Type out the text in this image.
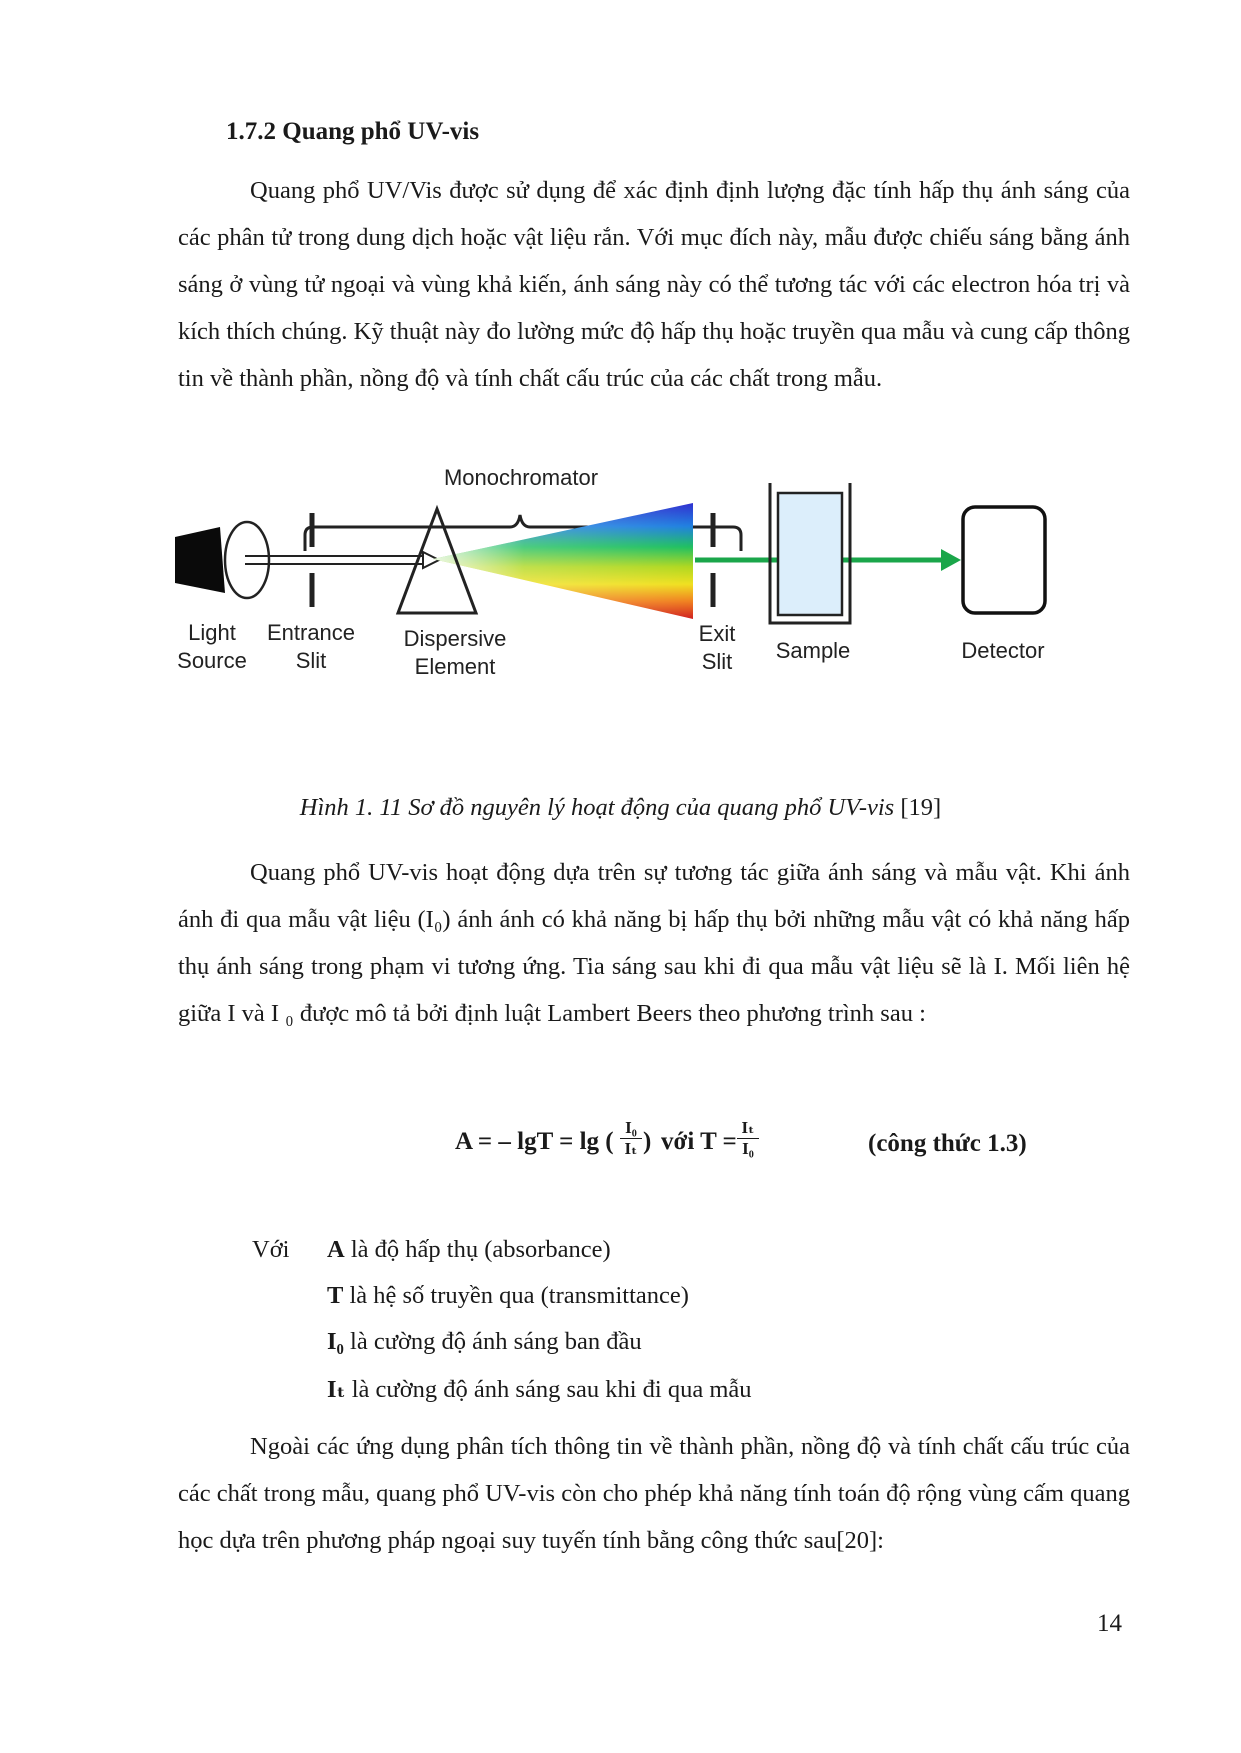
1.7.2 Quang phổ UV-vis

Quang phổ UV/Vis được sử dụng để xác định định lượng đặc tính hấp thụ ánh sáng của các phân tử trong dung dịch hoặc vật liệu rắn. Với mục đích này, mẫu được chiếu sáng bằng ánh sáng ở vùng tử ngoại và vùng khả kiến, ánh sáng này có thể tương tác với các electron hóa trị và kích thích chúng. Kỹ thuật này đo lường mức độ hấp thụ hoặc truyền qua mẫu và cung cấp thông tin về thành phần, nồng độ và tính chất cấu trúc của các chất trong mẫu.

Monochromator
Light
Source
Entrance
Slit
Dispersive
Element
Exit
Slit Sample	Detector
Hình 1. 11 Sơ đồ nguyên lý hoạt động của quang phổ UV-vis [19]

Quang phổ UV-vis hoạt động dựa trên sự tương tác giữa ánh sáng và mẫu vật. Khi ánh ánh đi qua mẫu vật liệu (I₀) ánh ánh có khả năng bị hấp thụ bởi những mẫu vật có khả năng hấp thụ ánh sáng trong phạm vi tương ứng. Tia sáng sau khi đi qua mẫu vật liệu sẽ là I. Mối liên hệ giữa I và I ₀ được mô tả bởi định luật Lambert Beers theo phương trình sau :

A = – lgT = lg ( $\frac{\text{I₀}}{\text{Iₜ}}$ ) với $T = \frac{\text{Iₜ}}{\text{I₀}}$	(công thức 1.3)
Với A là độ hấp thụ (absorbance)
T là hệ số truyền qua (transmittance)
I₀ là cường độ ánh sáng ban đầu
Iₜ là cường độ ánh sáng sau khi đi qua mẫu

Ngoài các ứng dụng phân tích thông tin về thành phần, nồng độ và tính chất cấu trúc của các chất trong mẫu, quang phổ UV-vis còn cho phép khả năng tính toán độ rộng vùng cấm quang học dựa trên phương pháp ngoại suy tuyến tính bằng công thức sau[20]:

14
